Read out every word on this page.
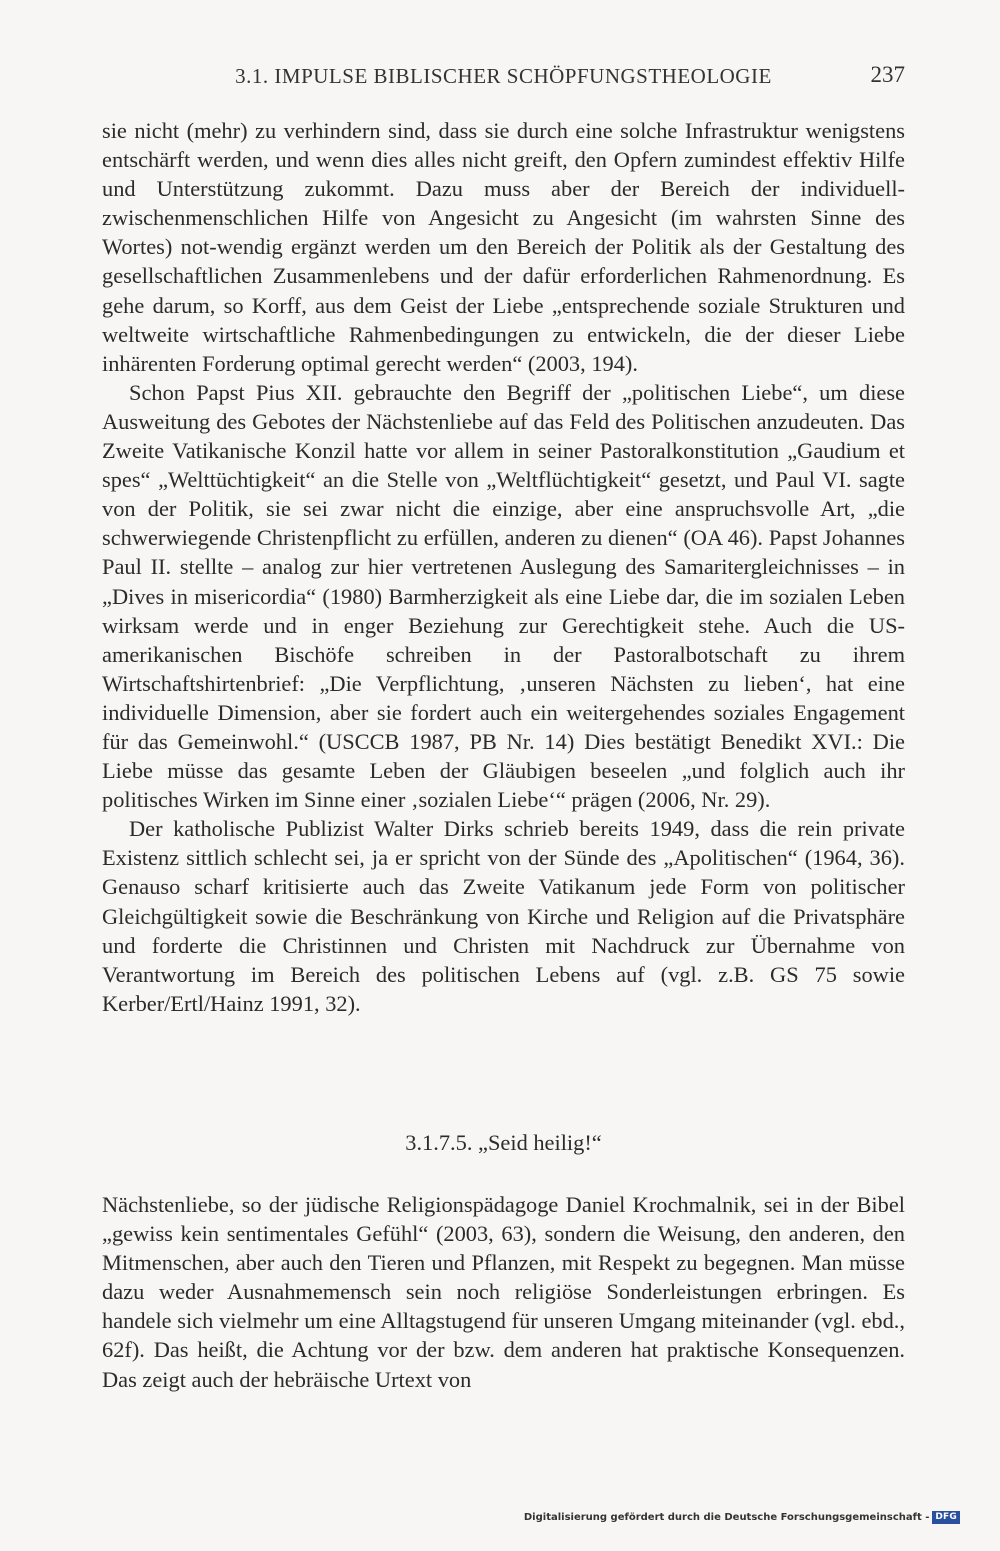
3.1. IMPULSE BIBLISCHER SCHÖPFUNGSTHEOLOGIE	237

sie nicht (mehr) zu verhindern sind, dass sie durch eine solche Infrastruktur wenigstens entschärft werden, und wenn dies alles nicht greift, den Opfern zumindest effektiv Hilfe und Unterstützung zukommt. Dazu muss aber der Bereich der individuell-zwischenmenschlichen Hilfe von Angesicht zu Angesicht (im wahrsten Sinne des Wortes) not-wendig ergänzt werden um den Bereich der Politik als der Gestaltung des gesellschaftlichen Zusammenlebens und der dafür erforderlichen Rahmenordnung. Es gehe darum, so Korff, aus dem Geist der Liebe „entsprechende soziale Strukturen und weltweite wirtschaftliche Rahmenbedingungen zu entwickeln, die der dieser Liebe inhärenten Forderung optimal gerecht werden“ (2003, 194).

Schon Papst Pius XII. gebrauchte den Begriff der „politischen Liebe“, um diese Ausweitung des Gebotes der Nächstenliebe auf das Feld des Politischen anzudeuten. Das Zweite Vatikanische Konzil hatte vor allem in seiner Pastoralkonstitution „Gaudium et spes“ „Welttüchtigkeit“ an die Stelle von „Weltflüchtigkeit“ gesetzt, und Paul VI. sagte von der Politik, sie sei zwar nicht die einzige, aber eine anspruchsvolle Art, „die schwerwiegende Christenpflicht zu erfüllen, anderen zu dienen“ (OA 46). Papst Johannes Paul II. stellte – analog zur hier vertretenen Auslegung des Samaritergleichnisses – in „Dives in misericordia“ (1980) Barmherzigkeit als eine Liebe dar, die im sozialen Leben wirksam werde und in enger Beziehung zur Gerechtigkeit stehe. Auch die US-amerikanischen Bischöfe schreiben in der Pastoralbotschaft zu ihrem Wirtschaftshirtenbrief: „Die Verpflichtung, ‚unseren Nächsten zu lieben‘, hat eine individuelle Dimension, aber sie fordert auch ein weitergehendes soziales Engagement für das Gemeinwohl.“ (USCCB 1987, PB Nr. 14) Dies bestätigt Benedikt XVI.: Die Liebe müsse das gesamte Leben der Gläubigen beseelen „und folglich auch ihr politisches Wirken im Sinne einer ‚sozialen Liebe‘“ prägen (2006, Nr. 29).

Der katholische Publizist Walter Dirks schrieb bereits 1949, dass die rein private Existenz sittlich schlecht sei, ja er spricht von der Sünde des „Apolitischen“ (1964, 36). Genauso scharf kritisierte auch das Zweite Vatikanum jede Form von politischer Gleichgültigkeit sowie die Beschränkung von Kirche und Religion auf die Privatsphäre und forderte die Christinnen und Christen mit Nachdruck zur Übernahme von Verantwortung im Bereich des politischen Lebens auf (vgl. z.B. GS 75 sowie Kerber/Ertl/Hainz 1991, 32).

3.1.7.5. „Seid heilig!“

Nächstenliebe, so der jüdische Religionspädagoge Daniel Krochmalnik, sei in der Bibel „gewiss kein sentimentales Gefühl“ (2003, 63), sondern die Weisung, den anderen, den Mitmenschen, aber auch den Tieren und Pflanzen, mit Respekt zu begegnen. Man müsse dazu weder Ausnahmemensch sein noch religiöse Sonderleistungen erbringen. Es handele sich vielmehr um eine Alltagstugend für unseren Umgang miteinander (vgl. ebd., 62f). Das heißt, die Achtung vor der bzw. dem anderen hat praktische Konsequenzen. Das zeigt auch der hebräische Urtext von

Digitalisierung gefördert durch die Deutsche Forschungsgemeinschaft - DFG
